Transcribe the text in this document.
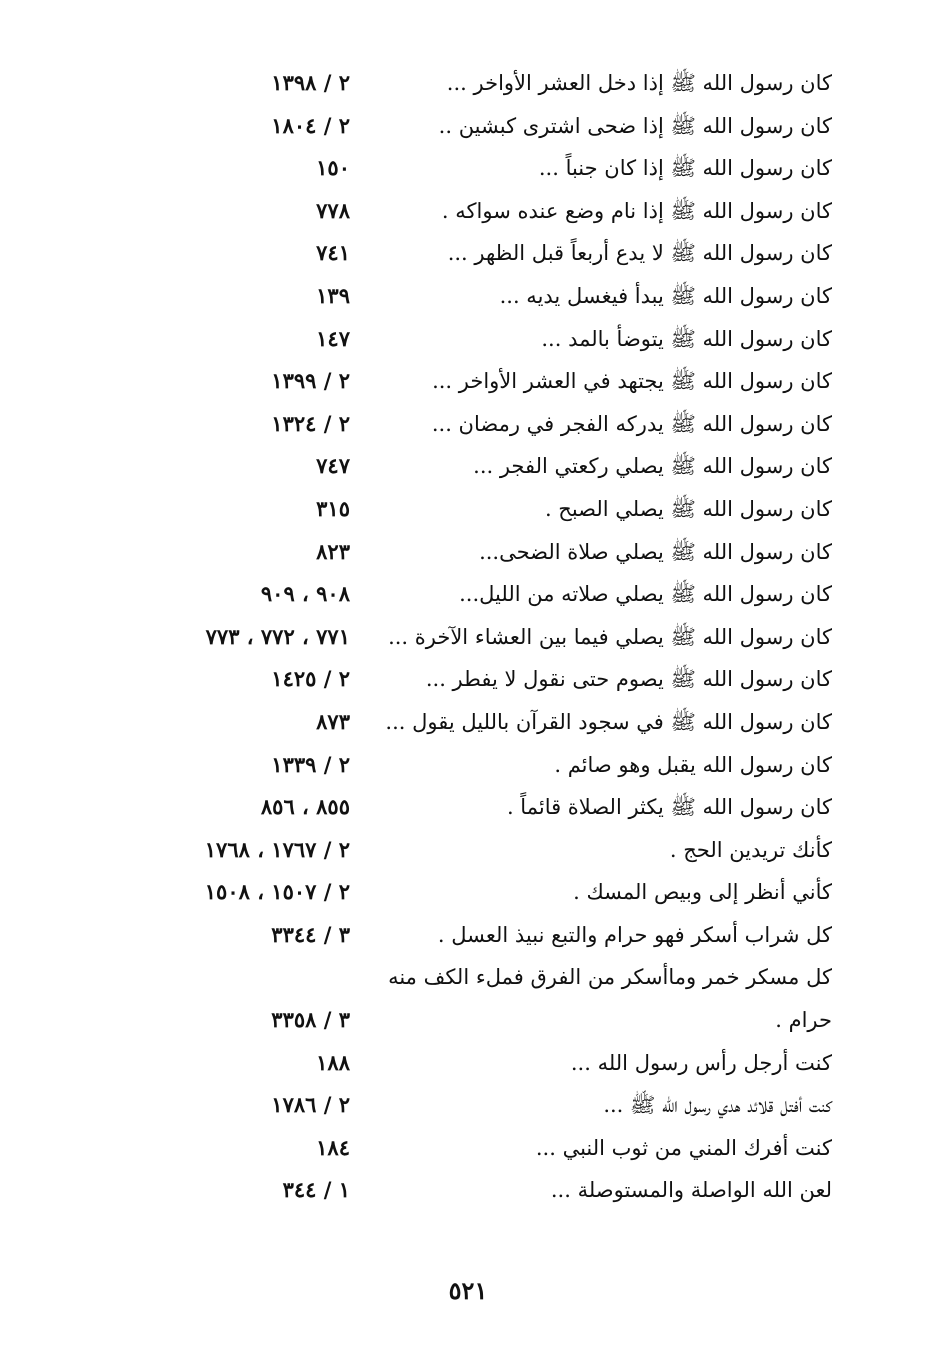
كان رسول الله ﷺ إذا دخل العشر الأواخر ...
٢ / ١٣٩٨
كان رسول الله ﷺ إذا ضحى اشترى كبشين ..
٢ / ١٨٠٤
كان رسول الله ﷺ إذا كان جنباً ...
١٥٠
كان رسول الله ﷺ إذا نام وضع عنده سواكه .
٧٧٨
كان رسول الله ﷺ لا يدع أربعاً قبل الظهر ...
٧٤١
كان رسول الله ﷺ يبدأ فيغسل يديه ...
١٣٩
كان رسول الله ﷺ يتوضأ بالمد ...
١٤٧
كان رسول الله ﷺ يجتهد في العشر الأواخر ...
٢ / ١٣٩٩
كان رسول الله ﷺ يدركه الفجر في رمضان ...
٢ / ١٣٢٤
كان رسول الله ﷺ يصلي ركعتي الفجر ...
٧٤٧
كان رسول الله ﷺ يصلي الصبح .
٣١٥
كان رسول الله ﷺ يصلي صلاة الضحى...
٨٢٣
كان رسول الله ﷺ يصلي صلاته من الليل...
٩٠٨ ، ٩٠٩
كان رسول الله ﷺ يصلي فيما بين العشاء الآخرة ...
٧٧١ ، ٧٧٢ ، ٧٧٣
كان رسول الله ﷺ يصوم حتى نقول لا يفطر ...
٢ / ١٤٢٥
كان رسول الله ﷺ في سجود القرآن بالليل يقول ...
٨٧٣
كان رسول الله يقبل وهو صائم .
٢ / ١٣٣٩
كان رسول الله ﷺ يكثر الصلاة قائماً .
٨٥٥ ، ٨٥٦
كأنك تريدين الحج .
٢ / ١٧٦٧ ، ١٧٦٨
كأني أنظر إلى وبيص المسك .
٢ / ١٥٠٧ ، ١٥٠٨
كل شراب أسكر فهو حرام والتبع نبيذ العسل .
٣ / ٣٣٤٤
كل مسكر خمر وماأسكر من الفرق فملء الكف منه
حرام .
٣ / ٣٣٥٨
كنت أرجل رأس رسول الله ...
١٨٨
كنت أفتل قلائد هدي رسول الله ﷺ ...
٢ / ١٧٨٦
كنت أفرك المني من ثوب النبي ...
١٨٤
لعن الله الواصلة والمستوصلة ...
١ / ٣٤٤
٥٢١
